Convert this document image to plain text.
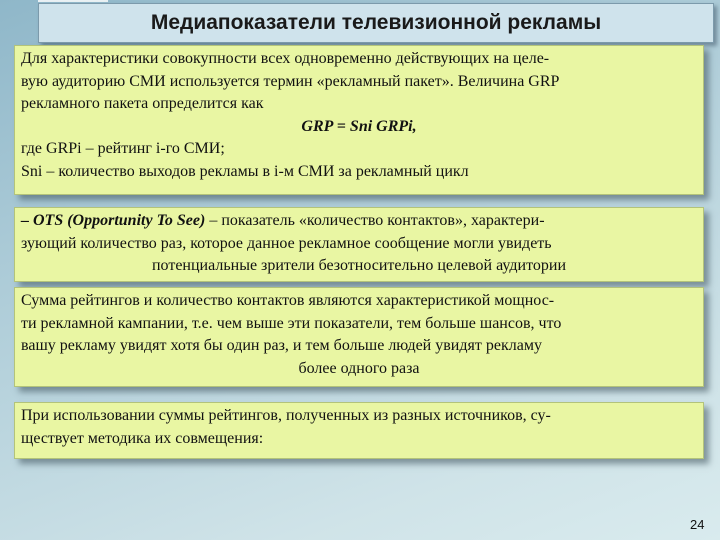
Медиапоказатели телевизионной рекламы

Для характеристики совокупности всех одновременно действующих на целе-

вую аудиторию СМИ используется термин «рекламный пакет». Величина GRP

рекламного пакета определится как

GRP = Sni GRPi,

где GRPi – рейтинг i-го СМИ;

Sni – количество выходов рекламы в i-м СМИ за рекламный цикл

– OTS (Opportunity To See) – показатель «количество контактов», характери-

зующий количество раз, которое данное рекламное сообщение могли увидеть

потенциальные зрители безотносительно целевой аудитории

Сумма рейтингов и количество контактов являются характеристикой мощнос-

ти рекламной кампании, т.е. чем выше эти показатели, тем больше шансов, что

вашу рекламу увидят хотя бы один раз, и тем больше людей увидят рекламу

более одного раза

При использовании суммы рейтингов, полученных из разных источников, су-

ществует методика их совмещения:

24
